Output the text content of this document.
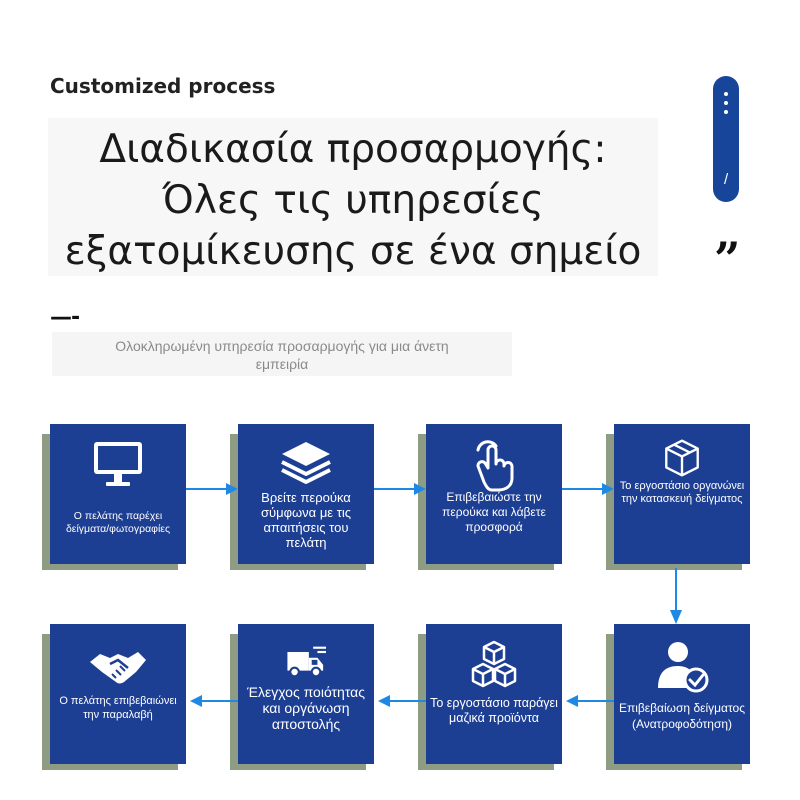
Customized process
Διαδικασία προσαρμογής:
Όλες τις υπηρεσίες
εξατομίκευσης σε ένα σημείο
—-
Ολοκληρωμένη υπηρεσία προσαρμογής για μια άνετη
εμπειρία
/
”
Ο πελάτης παρέχει δείγματα/φωτογραφίες
Βρείτε περούκα σύμφωνα με τις απαιτήσεις του πελάτη
Επιβεβαιώστε την περούκα και λάβετε προσφορά
Το εργοστάσιο οργανώνει την κατασκευή δείγματος
Επιβεβαίωση δείγματος (Ανατροφοδότηση)
Το εργοστάσιο παράγει μαζικά προϊόντα
Έλεγχος ποιότητας και οργάνωση αποστολής
Ο πελάτης επιβεβαιώνει την παραλαβή
